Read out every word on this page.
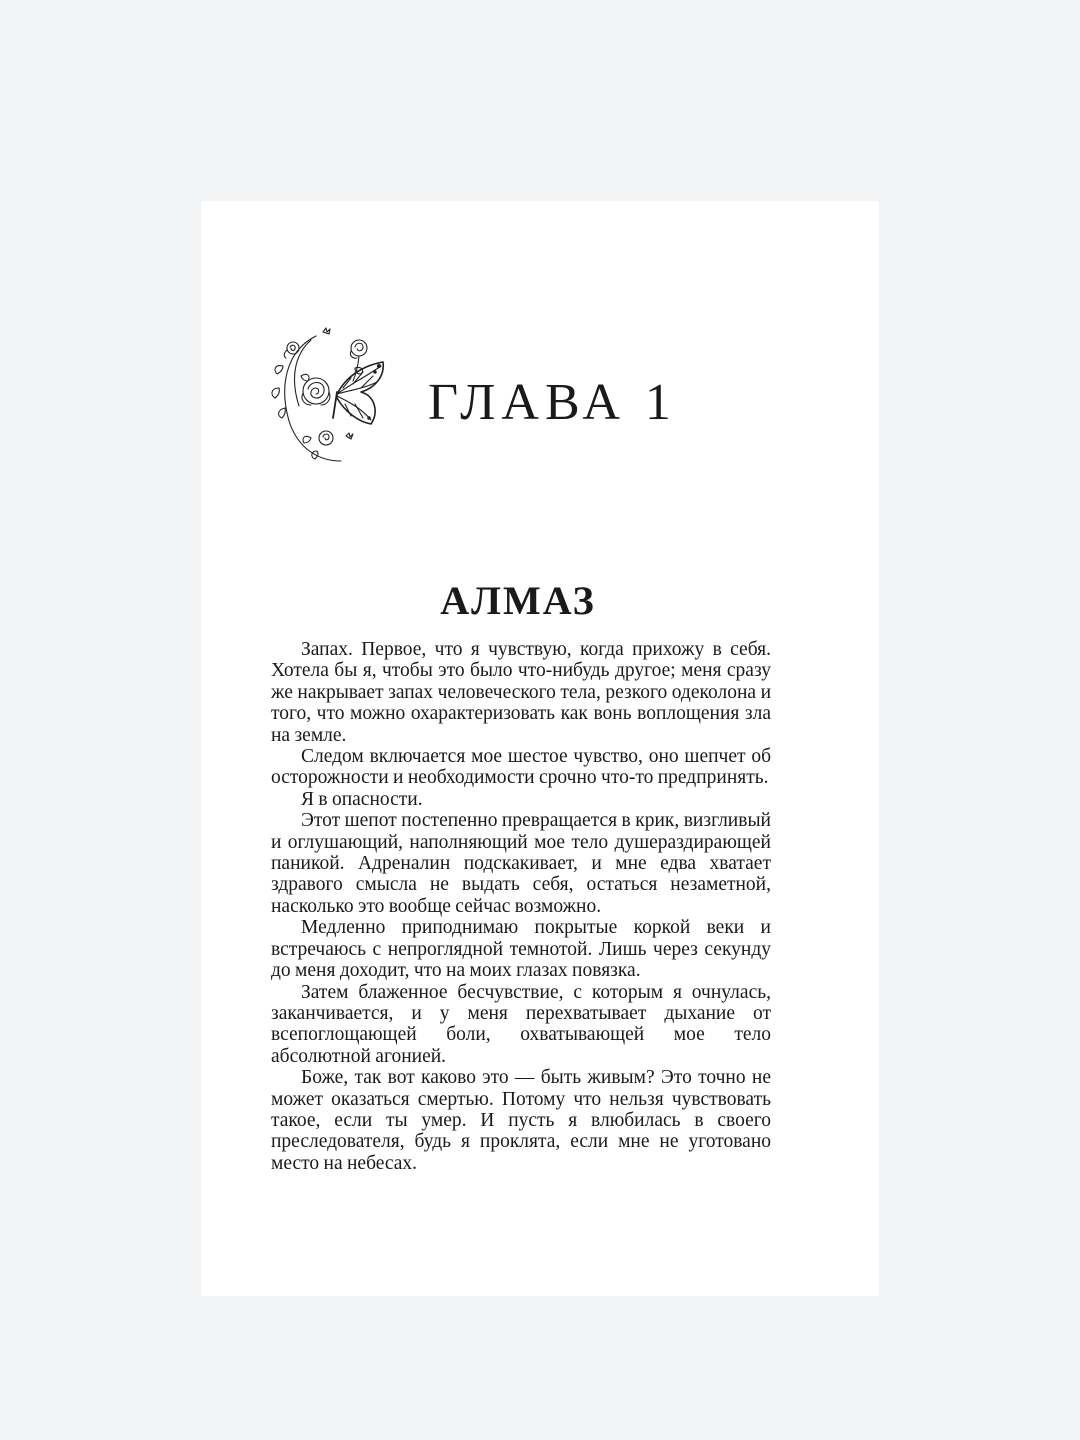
ГЛАВА 1
АЛМАЗ

Запах. Первое, что я чувствую, когда прихожу в себя. Хотела бы я, чтобы это было что-нибудь другое; меня сразу же накрывает запах человеческого тела, резкого одеколона и того, что можно охарактеризовать как вонь воплощения зла на земле.

Следом включается мое шестое чувство, оно шепчет об осторожности и необходимости срочно что-то предпринять.

Я в опасности.

Этот шепот постепенно превращается в крик, визгливый и оглушающий, наполняющий мое тело душераздирающей паникой. Адреналин подскакивает, и мне едва хватает здравого смысла не выдать себя, остаться незаметной, насколько это вообще сейчас возможно.

Медленно приподнимаю покрытые коркой веки и встречаюсь с непроглядной темнотой. Лишь через секунду до меня доходит, что на моих глазах повязка.

Затем блаженное бесчувствие, с которым я очнулась, заканчивается, и у меня перехватывает дыхание от всепоглощающей боли, охватывающей мое тело абсолютной агонией.

Боже, так вот каково это — быть живым? Это точно не может оказаться смертью. Потому что нельзя чувствовать такое, если ты умер. И пусть я влюбилась в своего преследователя, будь я проклята, если мне не уготовано место на небесах.
